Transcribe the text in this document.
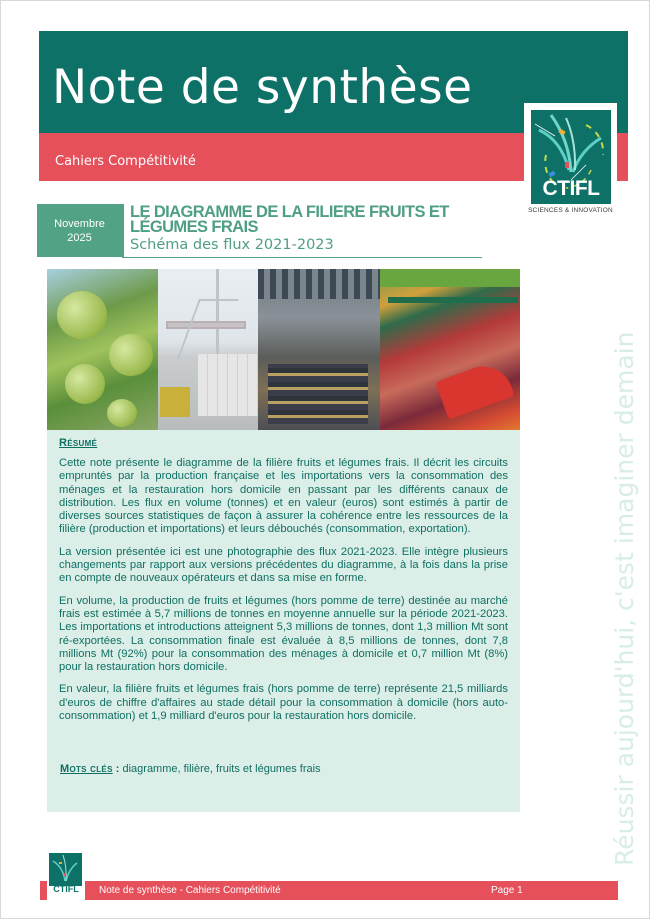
Note de synthèse
Cahiers Compétitivité
CTIFL
SCIENCES & INNOVATION
Novembre
2025
LE DIAGRAMME DE LA FILIERE FRUITS ET LÉGUMES FRAIS
Schéma des flux 2021-2023
Résumé

Cette note présente le diagramme de la filière fruits et légumes frais. Il décrit les circuits empruntés par la production française et les importations vers la consommation des ménages et la restauration hors domicile en passant par les différents canaux de distribution. Les flux en volume (tonnes) et en valeur (euros) sont estimés à partir de diverses sources statistiques de façon à assurer la cohérence entre les ressources de la filière (production et importations) et leurs débouchés (consommation, exportation).

La version présentée ici est une photographie des flux 2021-2023. Elle intègre plusieurs changements par rapport aux versions précédentes du diagramme, à la fois dans la prise en compte de nouveaux opérateurs et dans sa mise en forme.

En volume, la production de fruits et légumes (hors pomme de terre) destinée au marché frais est estimée à 5,7 millions de tonnes en moyenne annuelle sur la période 2021-2023. Les importations et introductions atteignent 5,3 millions de tonnes, dont 1,3 million Mt sont ré-exportées. La consommation finale est évaluée à 8,5 millions de tonnes, dont 7,8 millions Mt (92%) pour la consommation des ménages à domicile et 0,7 million Mt (8%) pour la restauration hors domicile.

En valeur, la filière fruits et légumes frais (hors pomme de terre) représente 21,5 milliards d'euros de chiffre d'affaires au stade détail pour la consommation à domicile (hors auto-consommation) et 1,9 milliard d'euros pour la restauration hors domicile.

Mots clés : diagramme, filière, fruits et légumes frais	Réussir aujourd'hui, c'est imaginer demain
CTIFL	Note de synthèse - Cahiers Compétitivité	Page 1
